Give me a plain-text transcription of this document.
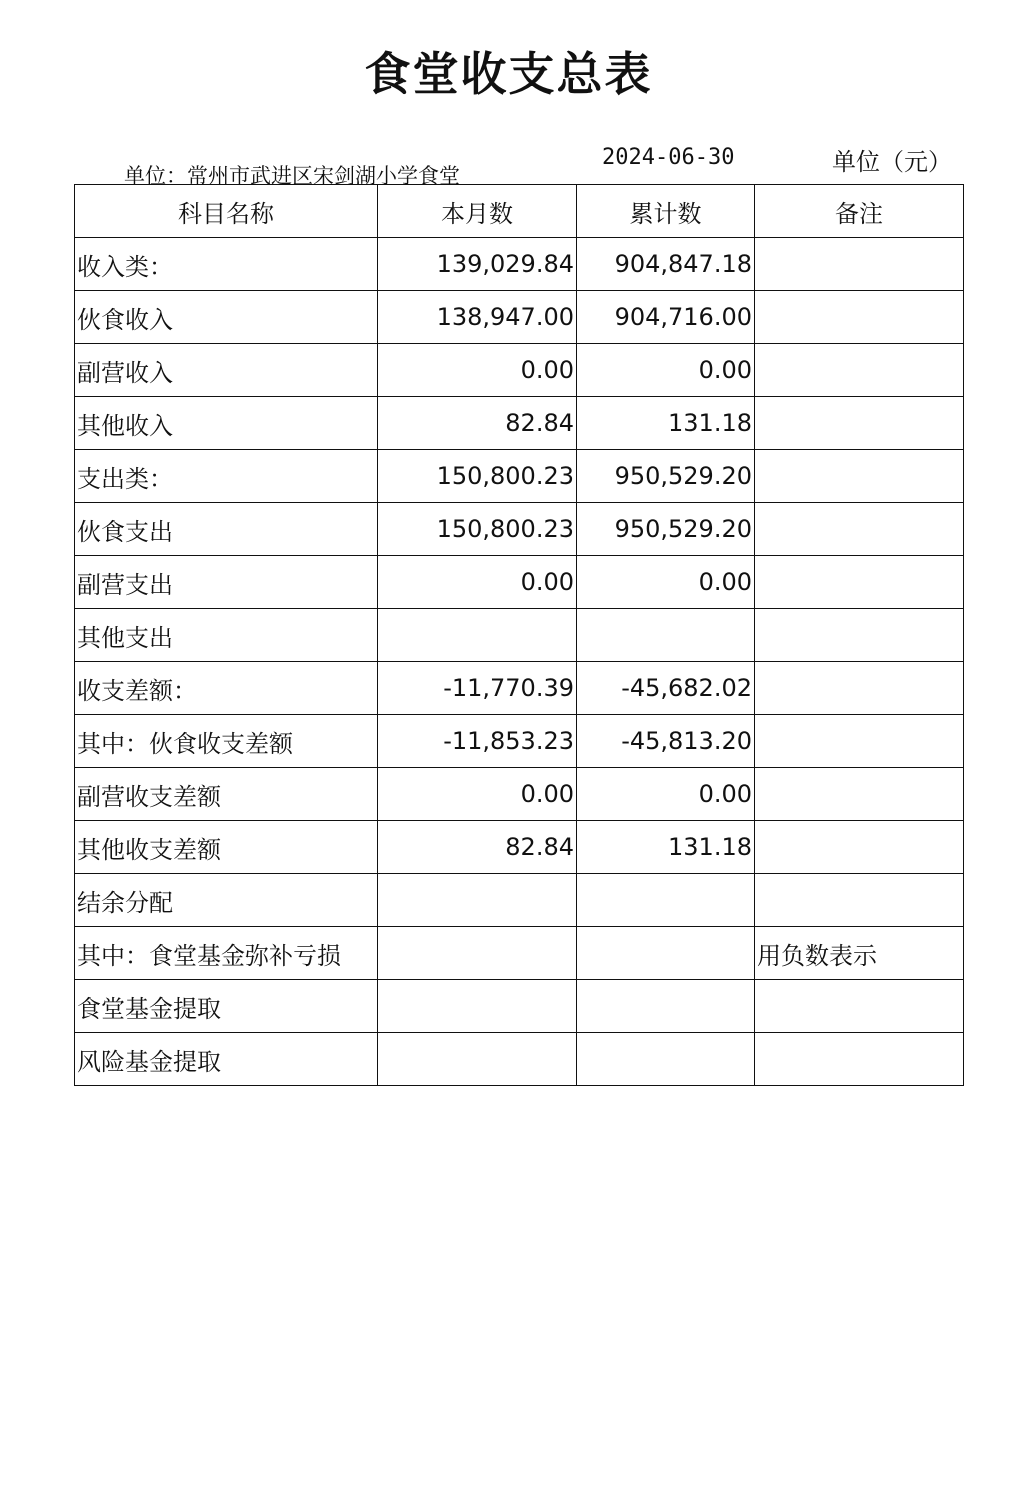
食堂收支总表
单位：常州市武进区宋剑湖小学食堂
2024-06-30	单位（元）
科目名称	本月数	累计数	备注
收入类：	139,029.84	904,847.18	
伙食收入	138,947.00	904,716.00	
副营收入	0.00	0.00	
其他收入	82.84	131.18	
支出类：	150,800.23	950,529.20	
伙食支出	150,800.23	950,529.20	
副营支出	0.00	0.00	
其他支出			
收支差额：	-11,770.39	-45,682.02	
其中：伙食收支差额	-11,853.23	-45,813.20	
副营收支差额	0.00	0.00	
其他收支差额	82.84	131.18	
结余分配			
其中：食堂基金弥补亏损			用负数表示
食堂基金提取			
风险基金提取			
